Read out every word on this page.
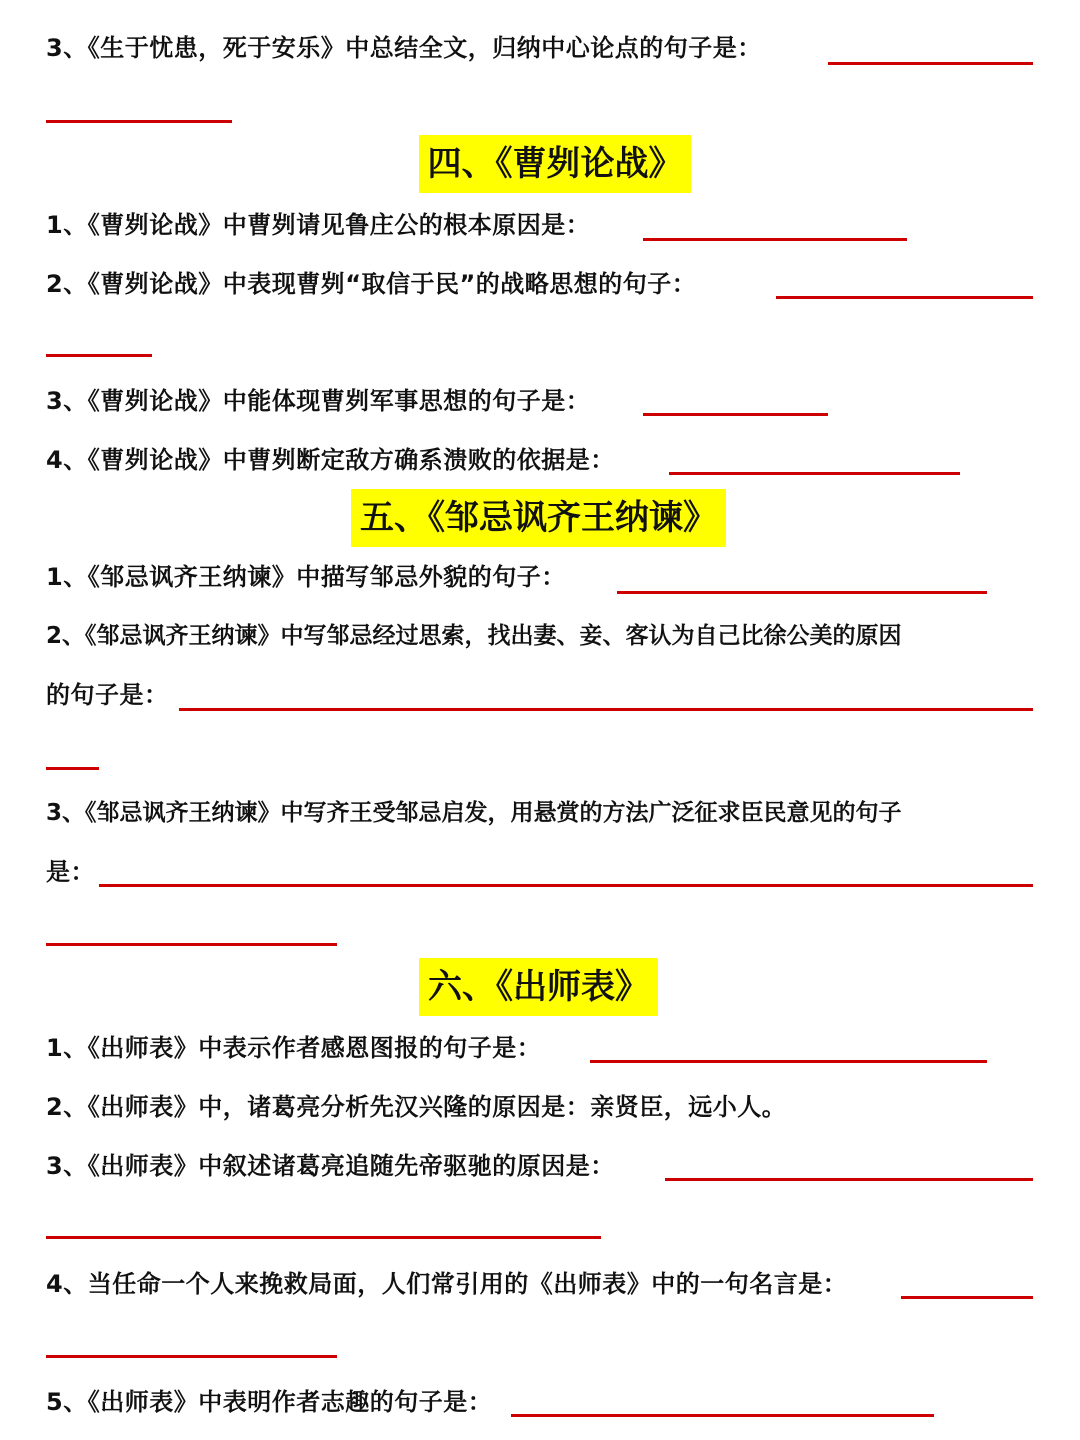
3、《生于忧患，死于安乐》中总结全文，归纳中心论点的句子是：
四、《曹刿论战》
1、《曹刿论战》中曹刿请见鲁庄公的根本原因是：
2、《曹刿论战》中表现曹刿“取信于民”的战略思想的句子：
3、《曹刿论战》中能体现曹刿军事思想的句子是：
4、《曹刿论战》中曹刿断定敌方确系溃败的依据是：
五、《邹忌讽齐王纳谏》
1、《邹忌讽齐王纳谏》中描写邹忌外貌的句子：
2、《邹忌讽齐王纳谏》中写邹忌经过思索，找出妻、妾、客认为自己比徐公美的原因
的句子是：
3、《邹忌讽齐王纳谏》中写齐王受邹忌启发，用悬赏的方法广泛征求臣民意见的句子
是：
六、《出师表》
1、《出师表》中表示作者感恩图报的句子是：
2、《出师表》中，诸葛亮分析先汉兴隆的原因是：亲贤臣，远小人。
3、《出师表》中叙述诸葛亮追随先帝驱驰的原因是：
4、当任命一个人来挽救局面，人们常引用的《出师表》中的一句名言是：
5、《出师表》中表明作者志趣的句子是：
